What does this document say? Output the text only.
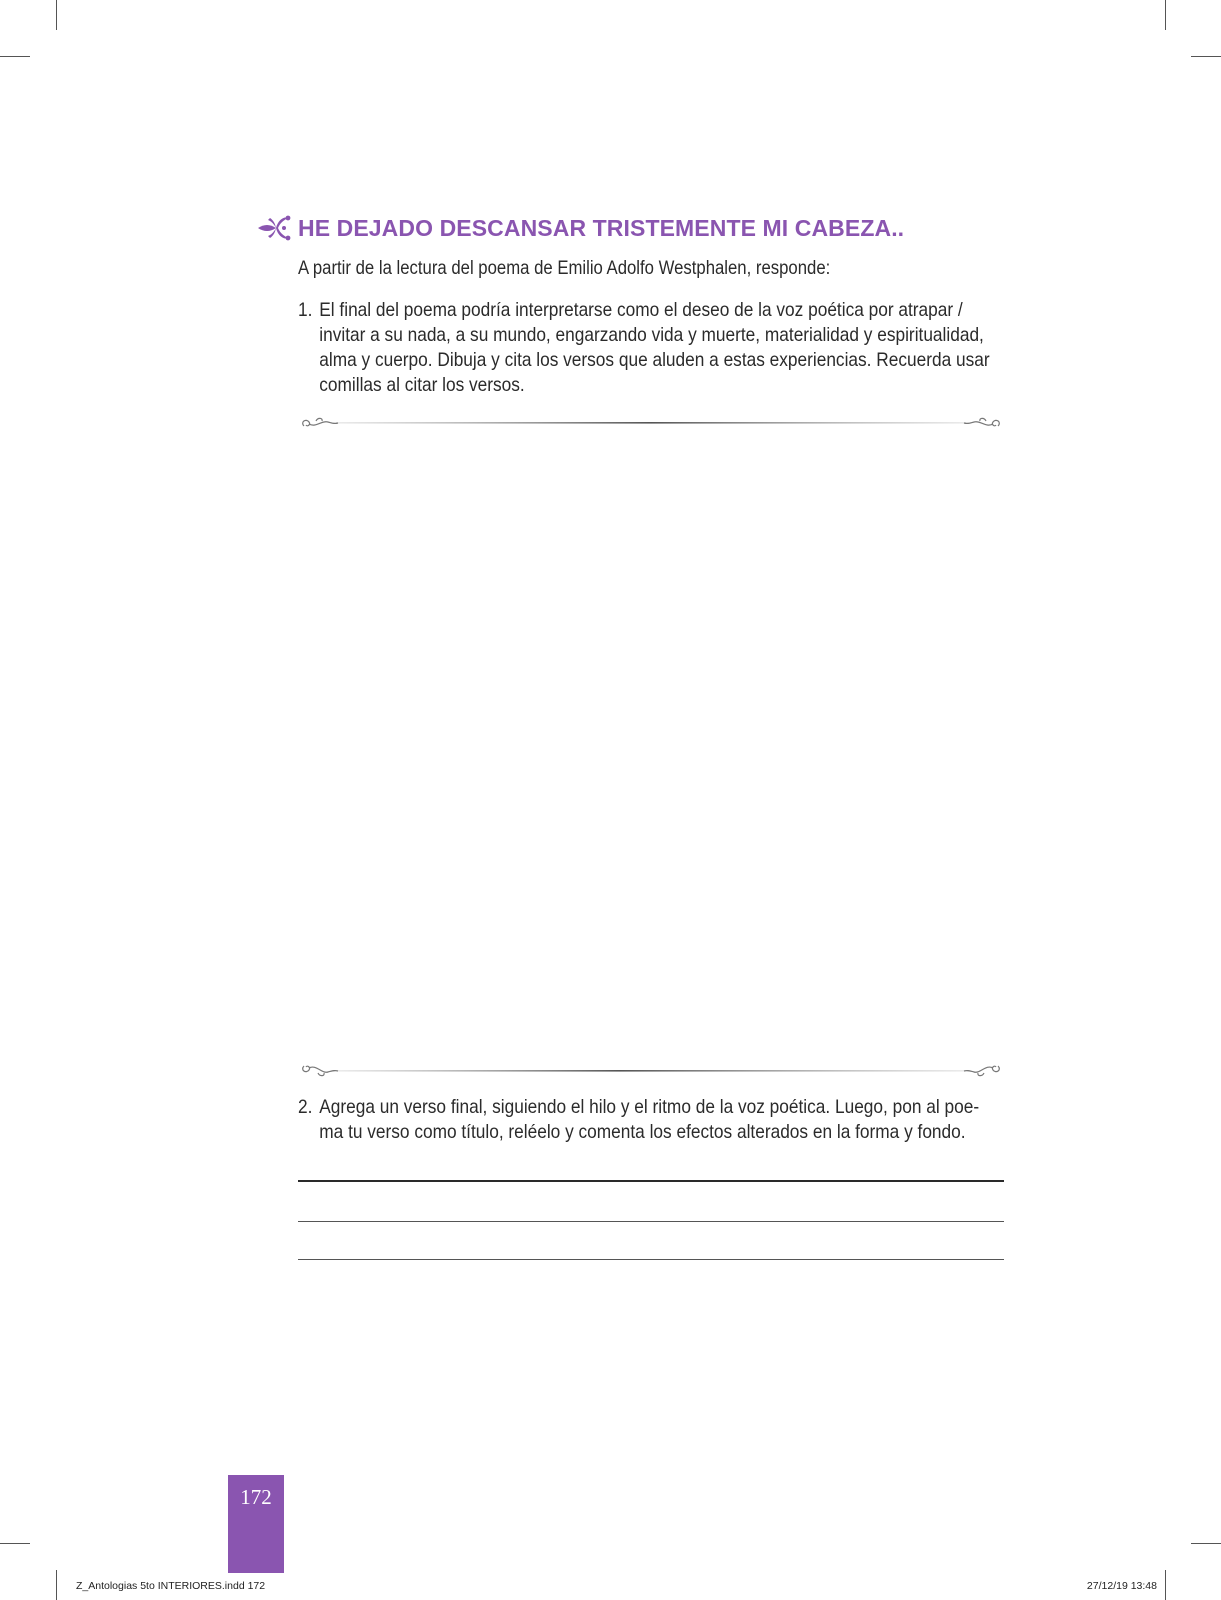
HE DEJADO DESCANSAR TRISTEMENTE MI CABEZA..
A partir de la lectura del poema de Emilio Adolfo Westphalen, responde:
1. El final del poema podría interpretarse como el deseo de la voz poética por atrapar /
invitar a su nada, a su mundo, engarzando vida y muerte, materialidad y espiritualidad,
alma y cuerpo. Dibuja y cita los versos que aluden a estas experiencias. Recuerda usar
comillas al citar los versos.
2. Agrega un verso final, siguiendo el hilo y el ritmo de la voz poética. Luego, pon al poe-
ma tu verso como título, reléelo y comenta los efectos alterados en la forma y fondo.
172
Z_Antologias 5to INTERIORES.indd 172	27/12/19 13:48
